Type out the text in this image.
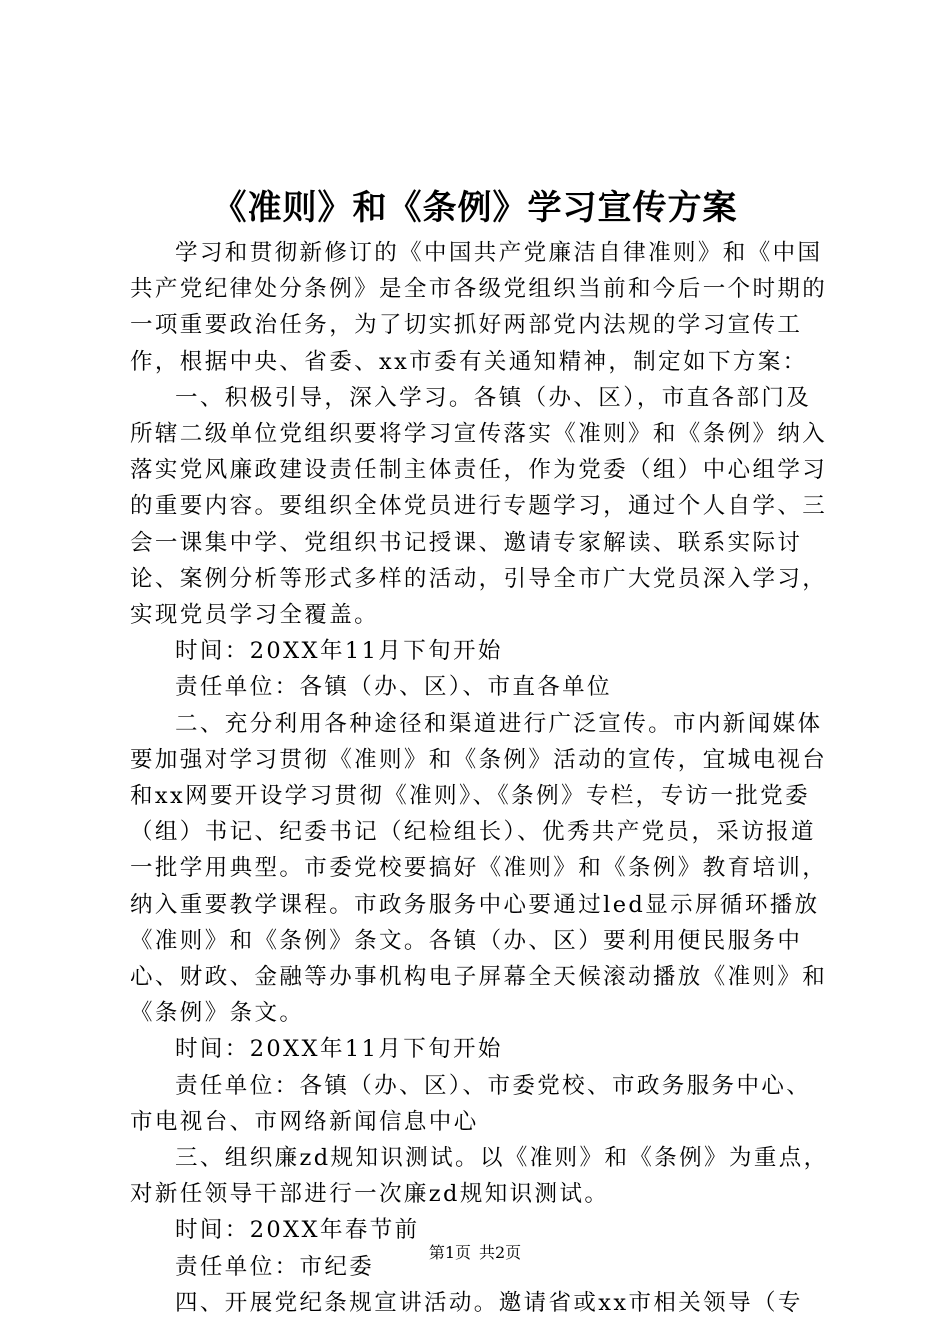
《准则》和《条例》学习宣传方案

学习和贯彻新修订的《中国共产党廉洁自律准则》和《中国共产党纪律处分条例》是全市各级党组织当前和今后一个时期的一项重要政治任务，为了切实抓好两部党内法规的学习宣传工作，根据中央、省委、xx市委有关通知精神，制定如下方案：

一、积极引导，深入学习。各镇（办、区），市直各部门及所辖二级单位党组织要将学习宣传落实《准则》和《条例》纳入落实党风廉政建设责任制主体责任，作为党委（组）中心组学习的重要内容。要组织全体党员进行专题学习，通过个人自学、三会一课集中学、党组织书记授课、邀请专家解读、联系实际讨论、案例分析等形式多样的活动，引导全市广大党员深入学习，实现党员学习全覆盖。

时间：20XX年11月下旬开始

责任单位：各镇（办、区）、市直各单位

二、充分利用各种途径和渠道进行广泛宣传。市内新闻媒体要加强对学习贯彻《准则》和《条例》活动的宣传，宜城电视台和xx网要开设学习贯彻《准则》、《条例》专栏，专访一批党委（组）书记、纪委书记（纪检组长）、优秀共产党员，采访报道一批学用典型。市委党校要搞好《准则》和《条例》教育培训，纳入重要教学课程。市政务服务中心要通过led显示屏循环播放《准则》和《条例》条文。各镇（办、区）要利用便民服务中心、财政、金融等办事机构电子屏幕全天候滚动播放《准则》和《条例》条文。

时间：20XX年11月下旬开始

责任单位：各镇（办、区）、市委党校、市政务服务中心、市电视台、市网络新闻信息中心

三、组织廉zd规知识测试。以《准则》和《条例》为重点，对新任领导干部进行一次廉zd规知识测试。

时间：20XX年春节前

责任单位：市纪委

四、开展党纪条规宣讲活动。邀请省或xx市相关领导（专

第1页 共2页
